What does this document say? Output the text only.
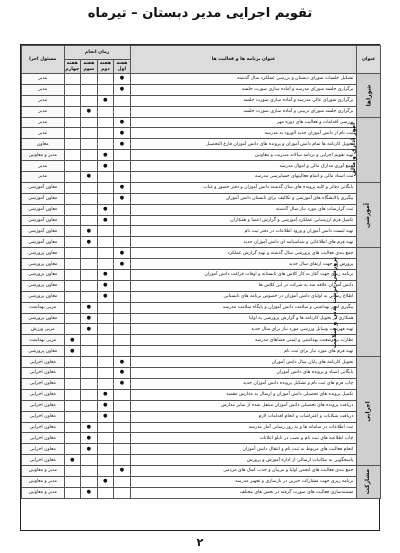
تقویم اجرایی مدیر دبستان – تیرماه
عنوان	عنوان برنامه ها و فعالیت ها	زمان انجام				مسئول اجرا
		هفته اول	هفته دوم	هفته سوم	هفته چهارم	
شوراها	تشکیل جلسات شورای دبستان و بررسی عملکرد سال گذشته	●				مدیر
	برگزاری جلسه شورای مدرسه و آماده سازی صورت جلسه	●				مدیر
	برگزاری شورای عالی مدرسه و آماده سازی صورت جلسه		●			مدیر
	برگزاری جلسه شورای تربیتی و آماده سازی صورت جلسه			●		مدیر
امور اداری و مالی	بررسی اقدامات و فعالیت های دوره مهر	●				مدیر
	ثبت نام از دانش آموزان جدید الورود به مدرسه	●				مدیر
	تحویل کارنامه ها تمام دانش آموزان و پرونده های دانش آموزان فارغ التحصیل	●				معاون
	تهیه تقویم اجرایی و برنامه سالانه مدیریت و معاونین		●			مدیر و معاونین
	جمع آوری مدارک مالی و اموال مدرسه		●			مدیر
	ثبت اسناد مالی و اتمام فعالیتهای حسابرسی مدرسه			●		مدیر
آموزشی	بایگانی دفاتر و کلیه پرونده های سال گذشته دانش آموزان و دفتر حضور و غیاب	●				معاون آموزشی
	پیگیری پالایشگاه های آموزشی و تکالیف برای تابستان دانش آموزان	●				معاون آموزشی
	ثبت گزارشات های مورد نیاز سال گذشته		●			معاون آموزشی
	تکمیل فرم ارزشیابی عملکرد آموزشی و گزارش اعضا و همکاران		●			معاون آموزشی
	تهیه لیست دانش آموزان و ورود اطلاعات در دفتر ثبت نام			●		معاون آموزشی
	تهیه فرم های اطلاعاتی و شناسنامه ای دانش آموزان جدید			●		معاون آموزشی
پرورشی، تربیت بدنی و سلامت	جمع بندی فعالیت های پرورشی سال گذشته و تهیه گزارش عملکرد	●				معاون پرورشی
	پرورش در جهت ارتقای سال جدید	●				معاون پرورشی
	برنامه ریزی جهت آغاز به کار کلاس های تابستانه و اوقات فراغت دانش آموزان		●			معاون پرورشی
	دانش آموزان علاقه مند به شرکت در این کلاس ها		●			معاون پرورشی
	اطلاع رسانی به اولیای دانش آموزان در خصوص برنامه های تابستانی		●			معاون پرورشی
	پیگیری امور بهداشتی و سلامت دانش آموزان و پایگاه سلامت مدرسه			●		مربی بهداشت
	همکاری در تحویل کارنامه ها و گزارش پرورشی به اولیا			●		معاون پرورشی
	تهیه فهرست وسایل ورزشی مورد نیاز برای سال جدید			●		مربی ورزش
	نظارت بر وضعیت بهداشتی و ایمنی فضاهای مدرسه				●	مربی بهداشت
	تهیه فرم های مورد نیاز برای ثبت نام				●	معاون پرورشی
اجرایی	تحویل کارنامه های پایان سال دانش آموزان	●				معاون اجرایی
	بایگانی اسناد و پرونده های دانش آموزان	●				معاون اجرایی
	چاپ فرم های ثبت نام و تشکیل پرونده دانش آموزان جدید	●				معاون اجرایی
	تکمیل پرونده های تحصیلی دانش آموزان و ارسال به مدارس مقصد		●			معاون اجرایی
	دریافت پرونده های تحصیلی دانش آموزان منتقل شده از سایر مدارس		●			معاون اجرایی
	دریافت شکایات و اعتراضات و انجام اقدامات لازم		●			معاون اجرایی
	ثبت اطلاعات در سامانه ها و به روز رسانی آمار مدرسه			●		معاون اجرایی
	چاپ اطلاعیه های ثبت نام و نصب در تابلو اعلانات			●		معاون اجرایی
	انجام فعالیت های مربوط به ثبت نام و انتقال دانش آموزان			●		معاون اجرایی
	پاسخگویی به مکاتبات ارسالی از اداره آموزش و پرورش				●	معاون اجرایی
مشارکت	جمع بندی فعالیت های انجمن اولیا و مربیان و جذب کمک های مردمی	●				مدیر و معاونین
	برنامه ریزی جهت مشارکت خیرین در بازسازی و تجهیز مدرسه		●			مدیر و معاونین
	مستندسازی فعالیت های صورت گرفته در بخش های مختلف			●		مدیر و معاونین
۲
